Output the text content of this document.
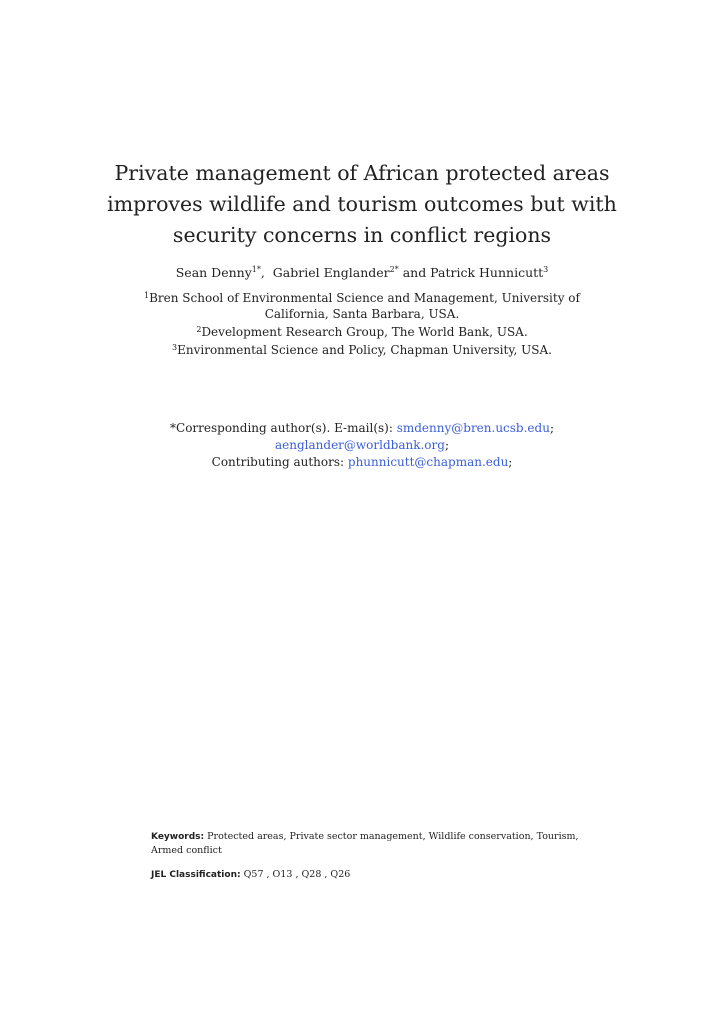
Private management of African protected areas
improves wildlife and tourism outcomes but with
security concerns in conflict regions
Sean Denny$^{1*}$,  Gabriel Englander$^{2*}$ and Patrick Hunnicutt$^3$
$^1$Bren School of Environmental Science and Management, University of
California, Santa Barbara, USA.
$^2$Development Research Group, The World Bank, USA.
$^3$Environmental Science and Policy, Chapman University, USA.
*Corresponding author(s). E-mail(s): smdenny@bren.ucsb.edu;
aenglander@worldbank.org;
Contributing authors: phunnicutt@chapman.edu;
Keywords: Protected areas, Private sector management, Wildlife conservation, Tourism, Armed conflict
JEL Classification: Q57 , O13 , Q28 , Q26
